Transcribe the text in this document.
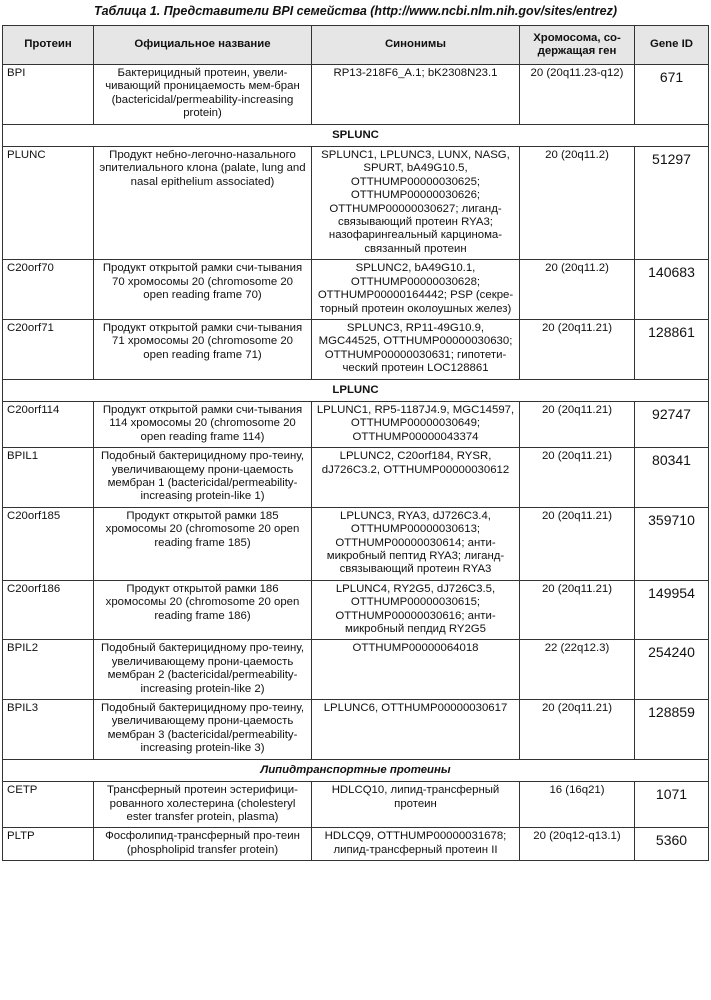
Таблица 1. Представители BPI семейства (http://www.ncbi.nlm.nih.gov/sites/entrez)
Протеин	Официальное название	Синонимы	Хромосома, со-держащая ген	Gene ID
BPI	Бактерицидный протеин, увели-чивающий проницаемость мем-бран (bactericidal/permeability-increasing protein)	RP13-218F6_A.1; bK2308N23.1	20 (20q11.23-q12)	671
SPLUNC				
PLUNC	Продукт небно-легочно-назального эпителиального клона (palate, lung and nasal epithelium associated)	SPLUNC1, LPLUNC3, LUNX, NASG, SPURT, bA49G10.5, OTTHUMP00000030625; OTTHUMP00000030626; OTTHUMP00000030627; лиганд-связывающий протеин RYA3; назофарингеальный карцинома-связанный протеин	20 (20q11.2)	51297
C20orf70	Продукт открытой рамки счи-тывания 70 хромосомы 20 (chromosome 20 open reading frame 70)	SPLUNC2, bA49G10.1, OTTHUMP00000030628; OTTHUMP00000164442; PSP (секре-торный протеин околоушных желез)	20 (20q11.2)	140683
C20orf71	Продукт открытой рамки счи-тывания 71 хромосомы 20 (chromosome 20 open reading frame 71)	SPLUNC3, RP11-49G10.9, MGC44525, OTTHUMP00000030630; OTTHUMP00000030631; гипотети-ческий протеин LOC128861	20 (20q11.21)	128861
LPLUNC				
C20orf114	Продукт открытой рамки счи-тывания 114 хромосомы 20 (chromosome 20 open reading frame 114)	LPLUNC1, RP5-1187J4.9, MGC14597, OTTHUMP00000030649; OTTHUMP00000043374	20 (20q11.21)	92747
BPIL1	Подобный бактерицидному про-теину, увеличивающему прони-цаемость мембран 1 (bactericidal/permeability-increasing protein-like 1)	LPLUNC2, C20orf184, RYSR, dJ726C3.2, OTTHUMP00000030612	20 (20q11.21)	80341
C20orf185	Продукт открытой рамки 185 хромосомы 20 (chromosome 20 open reading frame 185)	LPLUNC3, RYA3, dJ726C3.4, OTTHUMP00000030613; OTTHUMP00000030614; анти-микробный пептид RYA3; лиганд-связывающий протеин RYA3	20 (20q11.21)	359710
C20orf186	Продукт открытой рамки 186 хромосомы 20 (chromosome 20 open reading frame 186)	LPLUNC4, RY2G5, dJ726C3.5, OTTHUMP00000030615; OTTHUMP00000030616; анти-микробный пепдид RY2G5	20 (20q11.21)	149954
BPIL2	Подобный бактерицидному про-теину, увеличивающему прони-цаемость мембран 2 (bactericidal/permeability-increasing protein-like 2)	OTTHUMP00000064018	22 (22q12.3)	254240
BPIL3	Подобный бактерицидному про-теину, увеличивающему прони-цаемость мембран 3 (bactericidal/permeability-increasing protein-like 3)	LPLUNC6, OTTHUMP00000030617	20 (20q11.21)	128859
Липидтранспортные протеины				
CETP	Трансферный протеин эстерифици-рованного холестерина (cholesteryl ester transfer protein, plasma)	HDLCQ10, липид-трансферный протеин	16 (16q21)	1071
PLTP	Фосфолипид-трансферный про-теин (phospholipid transfer protein)	HDLCQ9, OTTHUMP00000031678; липид-трансферный протеин II	20 (20q12-q13.1)	5360
